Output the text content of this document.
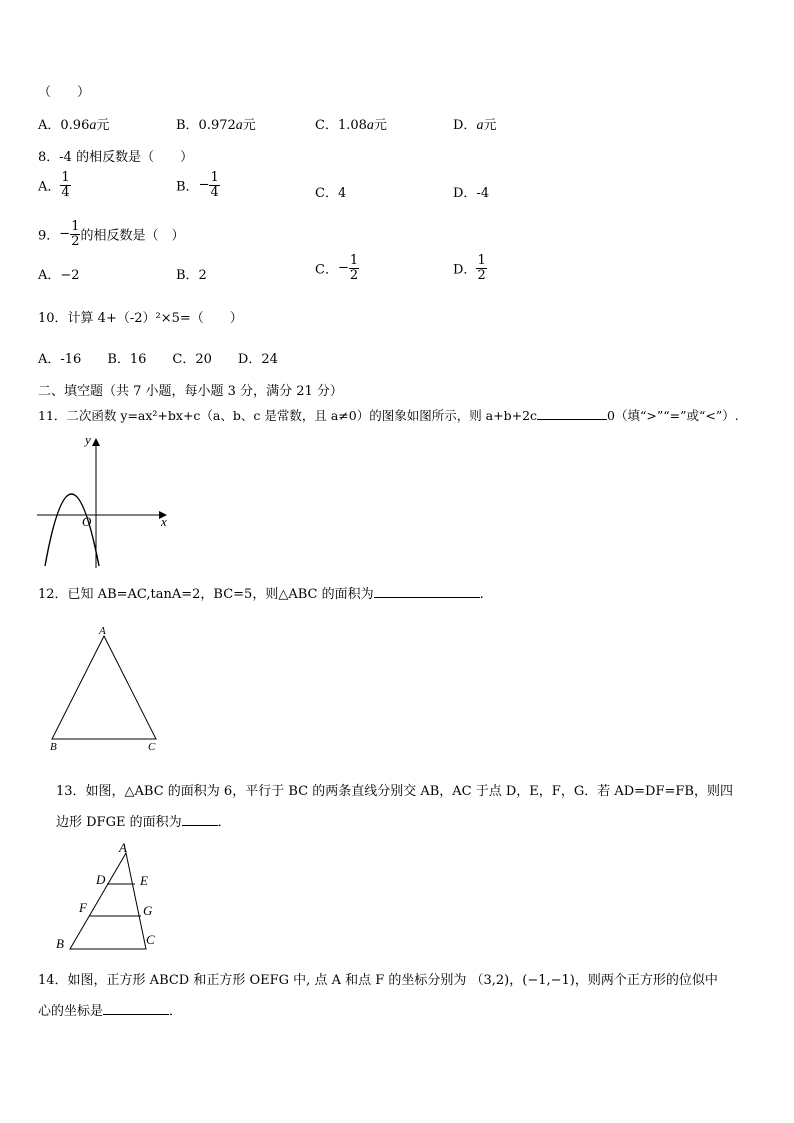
（　　）
A．0.96a元	B．0.972a元	C．1.08a元	D．a元
8．-4 的相反数是（　　）
A． $\frac{1}{4}$	B．− $\frac{1}{4}$	C．4	D．-4
9．− $\frac{1}{2}$ 的相反数是（　）
A．−2	B．2	C．− $\frac{1}{2}$	D． $\frac{1}{2}$
10．计算 4+（-2）²×5=（　　）
A．-16　　B．16　　C．20　　D．24
二、填空题（共 7 小题，每小题 3 分，满分 21 分）
11．二次函数 y=ax²+bx+c（a、b、c 是常数，且 a≠0）的图象如图所示，则 a+b+2c	0（填“>”“=”或“<”）.
x
y
O
12．已知 AB=AC,tanA=2，BC=5，则△ABC 的面积为	.
A
B	C
13．如图，△ABC 的面积为 6，平行于 BC 的两条直线分别交 AB，AC 于点 D，E，F，G．若 AD=DF=FB，则四
边形 DFGE 的面积为	．
A
D	E
F	G
B	C
14．如图，正方形 ABCD 和正方形 OEFG 中, 点 A 和点 F 的坐标分别为 （3,2)，(−1,−1)，则两个正方形的位似中
心的坐标是	．
